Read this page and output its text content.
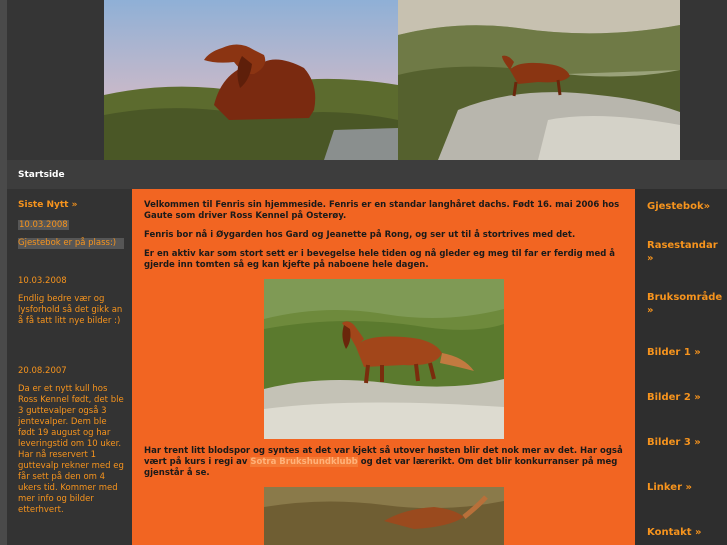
Startside
Siste Nytt »
10.03.2008
Gjestebok er på plass:)
10.03.2008
Endlig bedre vær og lysforhold så det gikk an å få tatt litt nye bilder :)
20.08.2007
Da er et nytt kull hos Ross Kennel født, det ble 3 guttevalper også 3 jentevalper. Dem ble født 19 august og har leveringstid om 10 uker. Har nå reservert 1 guttevalp rekner med eg får sett på den om 4 ukers tid. Kommer med mer info og bilder etterhvert.
Velkommen til Fenris sin hjemmeside. Fenris er en standar langhåret dachs. Født 16. mai 2006 hos Gaute som driver Ross Kennel på Osterøy.
Fenris bor nå i Øygarden hos Gard og Jeanette på Rong, og ser ut til å stortrives med det.
Er en aktiv kar som stort sett er i bevegelse hele tiden og nå gleder eg meg til far er ferdig med å gjerde inn tomten så eg kan kjefte på naboene hele dagen.
Har trent litt blodspor og syntes at det var kjekt så utover høsten blir det nok mer av det. Har også vært på kurs i regi av Sotra Brukshundklubb og det var lærerikt. Om det blir konkurranser på meg gjenstår å se.
Gjestebok»
Rasestandar »
Bruksområde »
Bilder 1 »
Bilder 2 »
Bilder 3 »
Linker »
Kontakt »
